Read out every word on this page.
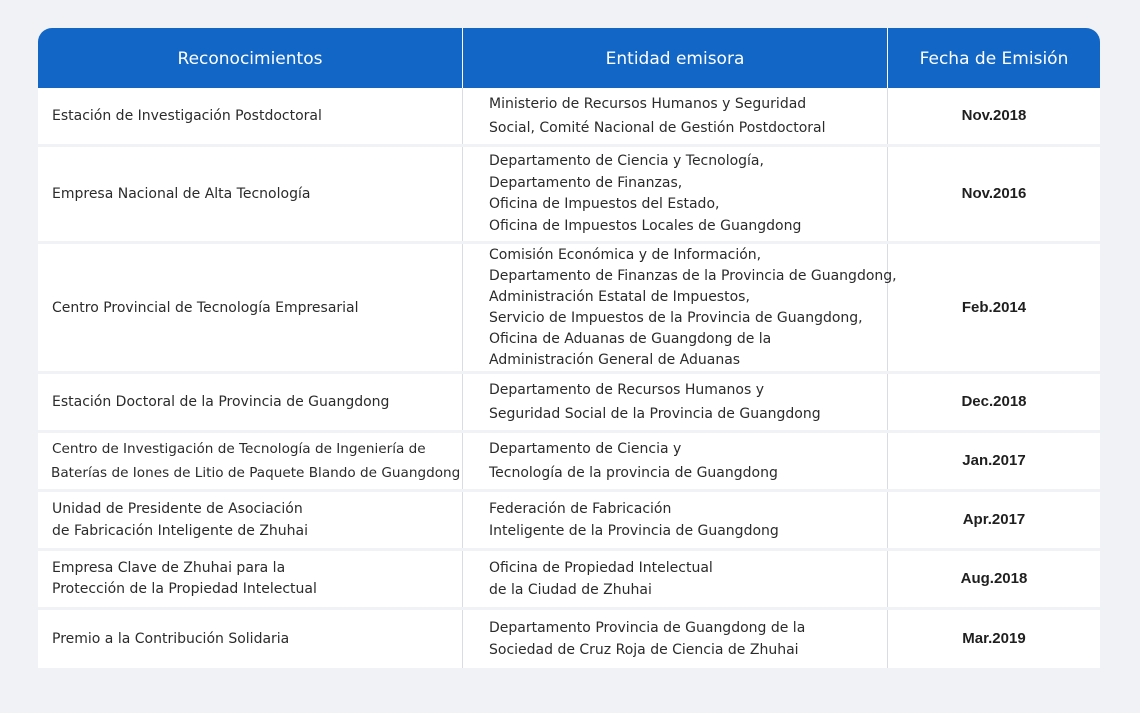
Reconocimientos	Entidad emisora	Fecha de Emisión
Estación de Investigación Postdoctoral
Ministerio de Recursos Humanos y Seguridad
Social, Comité Nacional de Gestión Postdoctoral
Nov.2018
Empresa Nacional de Alta Tecnología
Departamento de Ciencia y Tecnología,
Departamento de Finanzas,
Oficina de Impuestos del Estado,
Oficina de Impuestos Locales de Guangdong
Nov.2016
Centro Provincial de Tecnología Empresarial
Comisión Económica y de Información,
Departamento de Finanzas de la Provincia de Guangdong,
Administración Estatal de Impuestos,
Servicio de Impuestos de la Provincia de Guangdong,
Oficina de Aduanas de Guangdong de la
Administración General de Aduanas
Feb.2014
Estación Doctoral de la Provincia de Guangdong
Departamento de Recursos Humanos y
Seguridad Social de la Provincia de Guangdong
Dec.2018
Centro de Investigación de Tecnología de Ingeniería de
Baterías de Iones de Litio de Paquete Blando de Guangdong
Departamento de Ciencia y
Tecnología de la provincia de Guangdong
Jan.2017
Unidad de Presidente de Asociación
de Fabricación Inteligente de Zhuhai
Federación de Fabricación
Inteligente de la Provincia de Guangdong
Apr.2017
Empresa Clave de Zhuhai para la
Protección de la Propiedad Intelectual
Oficina de Propiedad Intelectual
de la Ciudad de Zhuhai
Aug.2018
Premio a la Contribución Solidaria
Departamento Provincia de Guangdong de la
Sociedad de Cruz Roja de Ciencia de Zhuhai
Mar.2019
